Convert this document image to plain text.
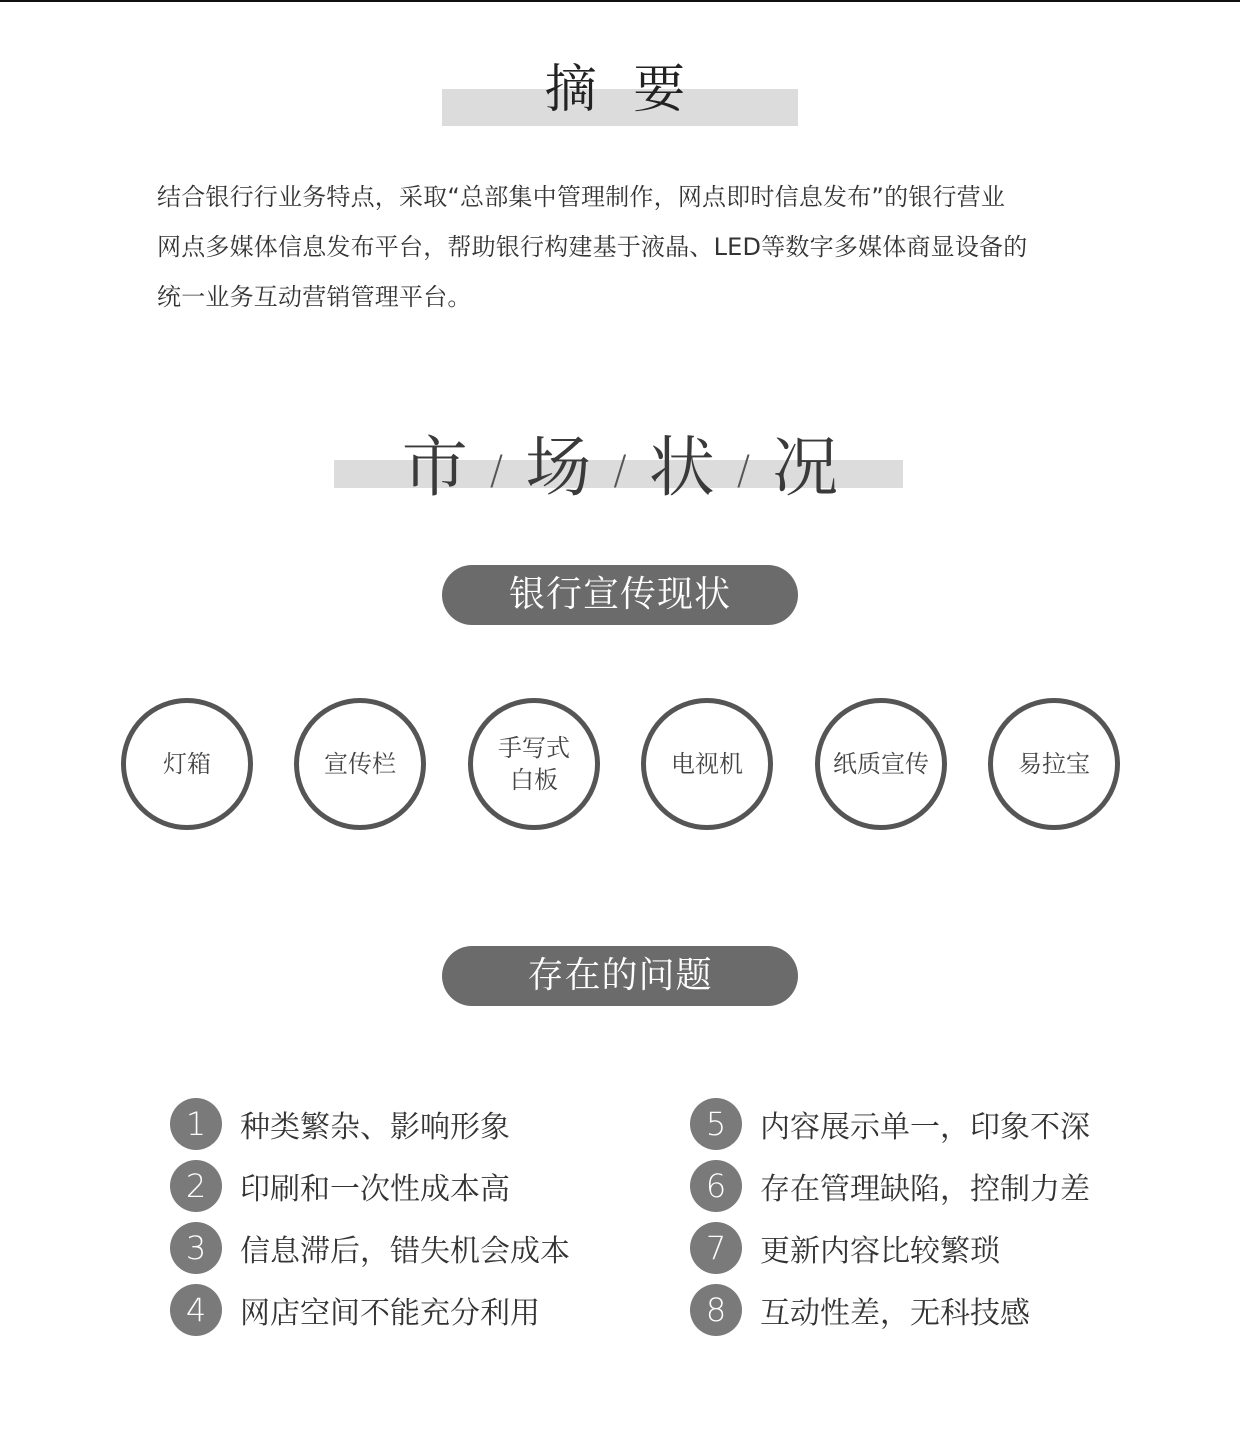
摘 要
结合银行行业务特点，采取“总部集中管理制作，网点即时信息发布”的银行营业
网点多媒体信息发布平台，帮助银行构建基于液晶、LED等数字多媒体商显设备的
统一业务互动营销管理平台。
市 / 场 / 状 / 况
银行宣传现状
灯箱	宣传栏
手写式
白板
电视机	纸质宣传	易拉宝
存在的问题
1	种类繁杂、影响形象
2	印刷和一次性成本高
3	信息滞后，错失机会成本
4	网店空间不能充分利用
5	内容展示单一，印象不深
6	存在管理缺陷，控制力差
7	更新内容比较繁琐
8	互动性差，无科技感
